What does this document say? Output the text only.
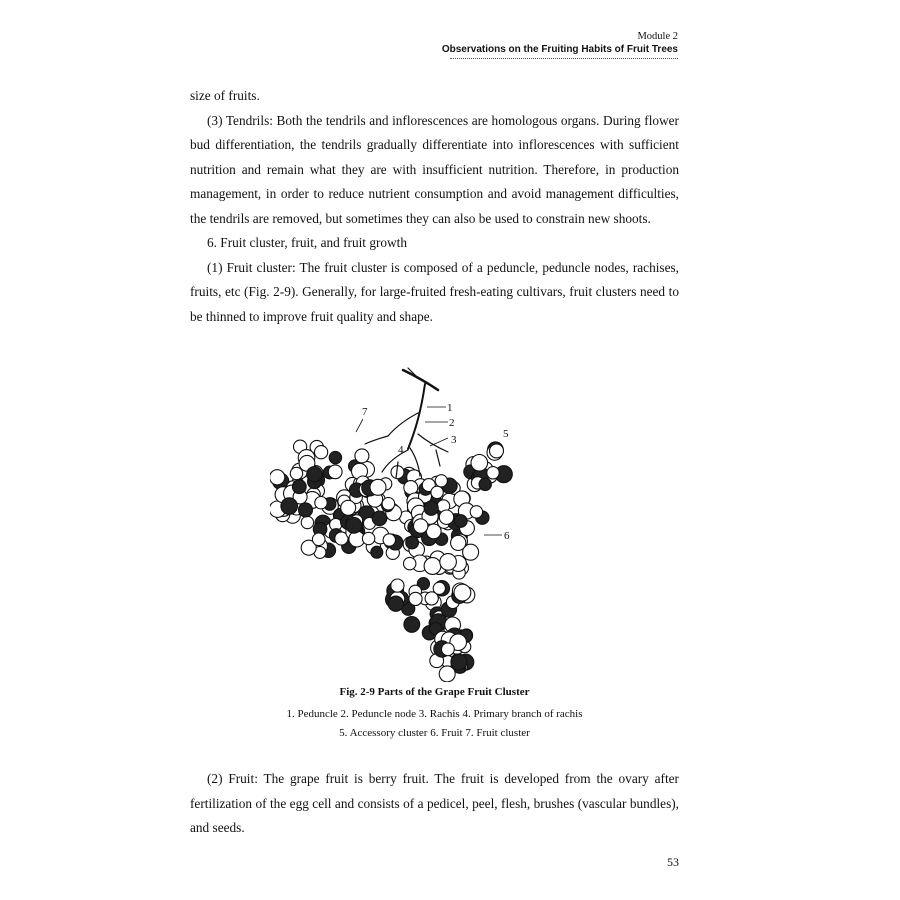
Module 2
Observations on the Fruiting Habits of Fruit Trees

size of fruits.

(3) Tendrils: Both the tendrils and inflorescences are homologous organs. During flower bud differentiation, the tendrils gradually differentiate into inflorescences with sufficient nutrition and remain what they are with insufficient nutrition. Therefore, in production management, in order to reduce nutrient consumption and avoid management difficulties, the tendrils are removed, but sometimes they can also be used to constrain new shoots.

6. Fruit cluster, fruit, and fruit growth

(1) Fruit cluster: The fruit cluster is composed of a peduncle, peduncle nodes, rachises, fruits, etc (Fig. 2-9). Generally, for large-fruited fresh-eating cultivars, fruit clusters need to be thinned to improve fruit quality and shape.

1
2
3
4
5
6
7
Fig. 2-9 Parts of the Grape Fruit Cluster
1. Peduncle 2. Peduncle node 3. Rachis 4. Primary branch of rachis
5. Accessory cluster 6. Fruit 7. Fruit cluster

(2) Fruit: The grape fruit is berry fruit. The fruit is developed from the ovary after fertilization of the egg cell and consists of a pedicel, peel, flesh, brushes (vascular bundles), and seeds.

53
